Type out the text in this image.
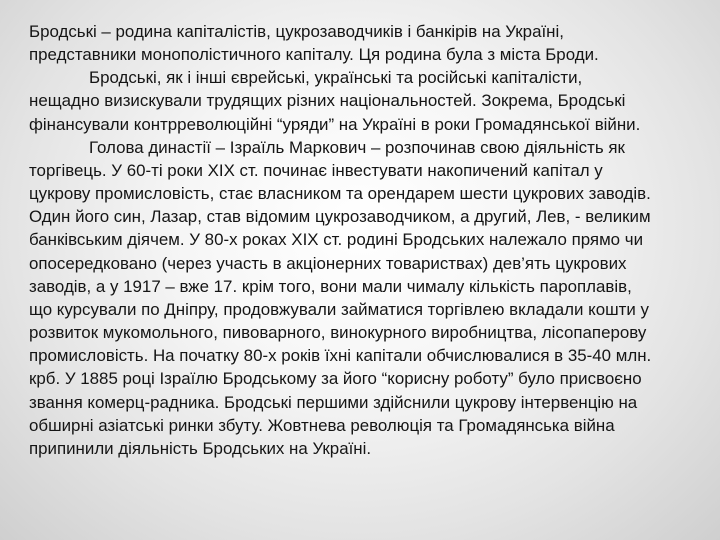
Бродські – родина капіталістів, цукрозаводчиків і банкірів на Україні,
представники монополістичного капіталу. Ця родина була з міста Броди.
Бродські, як і інші єврейські, українські та російські капіталісти,
нещадно визискували трудящих різних національностей. Зокрема, Бродські
фінансували контрреволюційні “уряди” на Україні в роки Громадянської війни.
Голова династії – Ізраїль Маркович – розпочинав свою діяльність як
торгівець. У 60-ті роки ХІХ ст. починає інвестувати накопичений капітал у
цукрову промисловість, стає власником та орендарем шести цукрових заводів.
Один його син, Лазар, став відомим цукрозаводчиком, а другий, Лев, - великим
банківським діячем. У 80-х роках ХІХ ст. родині Бродських належало прямо чи
опосередковано (через участь в акціонерних товариствах) дев’ять цукрових
заводів, а у 1917 – вже 17. крім того, вони мали чималу кількість пароплавів,
що курсували по Дніпру, продовжували займатися торгівлею вкладали кошти у
розвиток мукомольного, пивоварного, винокурного виробництва, лісопаперову
промисловість. На початку 80-х років їхні капітали обчислювалися в 35-40 млн.
крб. У 1885 році Ізраїлю Бродському за його “корисну роботу” було присвоєно
звання комерц-радника. Бродські першими здійснили цукрову інтервенцію на
обширні азіатські ринки збуту. Жовтнева революція та Громадянська війна
припинили діяльність Бродських на Україні.
